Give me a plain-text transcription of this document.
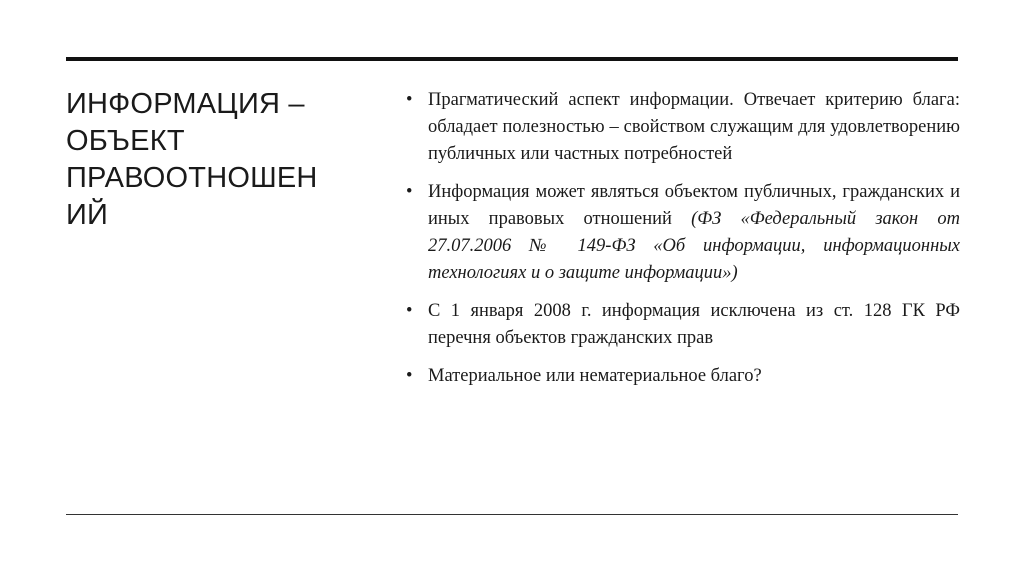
ИНФОРМАЦИЯ –
ОБЪЕКТ
ПРАВООТНОШЕН
ИЙ
• Прагматический аспект информации. Отвечает критерию блага: обладает полезностью – свойством служащим для удовлетворению публичных или частных потребностей
• Информация может являться объектом публичных, гражданских и иных правовых отношений (ФЗ «Федеральный закон от 27.07.2006 № 149-ФЗ «Об информации, информационных технологиях и о защите информации»)
• С 1 января 2008 г. информация исключена из ст. 128 ГК РФ перечня объектов гражданских прав
• Материальное или нематериальное благо?
